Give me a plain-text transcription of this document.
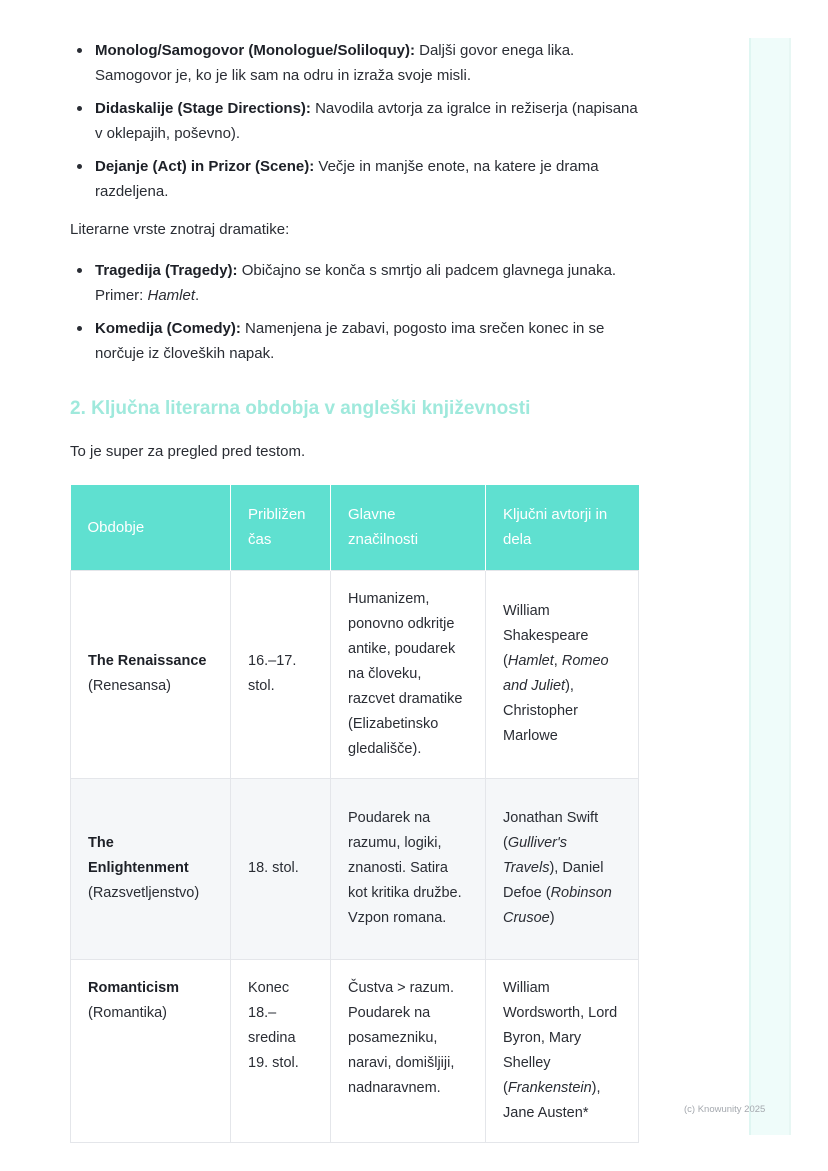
Monolog/Samogovor (Monologue/Soliloquy): Daljši govor enega lika. Samogovor je, ko je lik sam na odru in izraža svoje misli.
Didaskalije (Stage Directions): Navodila avtorja za igralce in režiserja (napisana v oklepajih, poševno).
Dejanje (Act) in Prizor (Scene): Večje in manjše enote, na katere je drama razdeljena.

Literarne vrste znotraj dramatike:

Tragedija (Tragedy): Običajno se konča s smrtjo ali padcem glavnega junaka. Primer: Hamlet.
Komedija (Comedy): Namenjena je zabavi, pogosto ima srečen konec in se norčuje iz človeških napak.
2. Ključna literarna obdobja v angleški književnosti

To je super za pregled pred testom.

Obdobje	Približen čas	Glavne značilnosti	Ključni avtorji in dela
The Renaissance
(Renesansa)	16.–17. stol.	Humanizem, ponovno odkritje antike, poudarek na človeku, razcvet dramatike (Elizabetinsko gledališče).	William Shakespeare (Hamlet, Romeo and Juliet), Christopher Marlowe
The Enlightenment
(Razsvetljenstvo)	18. stol.	Poudarek na razumu, logiki, znanosti. Satira kot kritika družbe. Vzpon romana.	Jonathan Swift (Gulliver's Travels), Daniel Defoe (Robinson Crusoe)
Romanticism
(Romantika)	Konec 18.– sredina 19. stol.	Čustva > razum. Poudarek na posamezniku, naravi, domišljiji, nadnaravnem.	William Wordsworth, Lord Byron, Mary Shelley (Frankenstein), Jane Austen*	(c) Knowunity 2025
